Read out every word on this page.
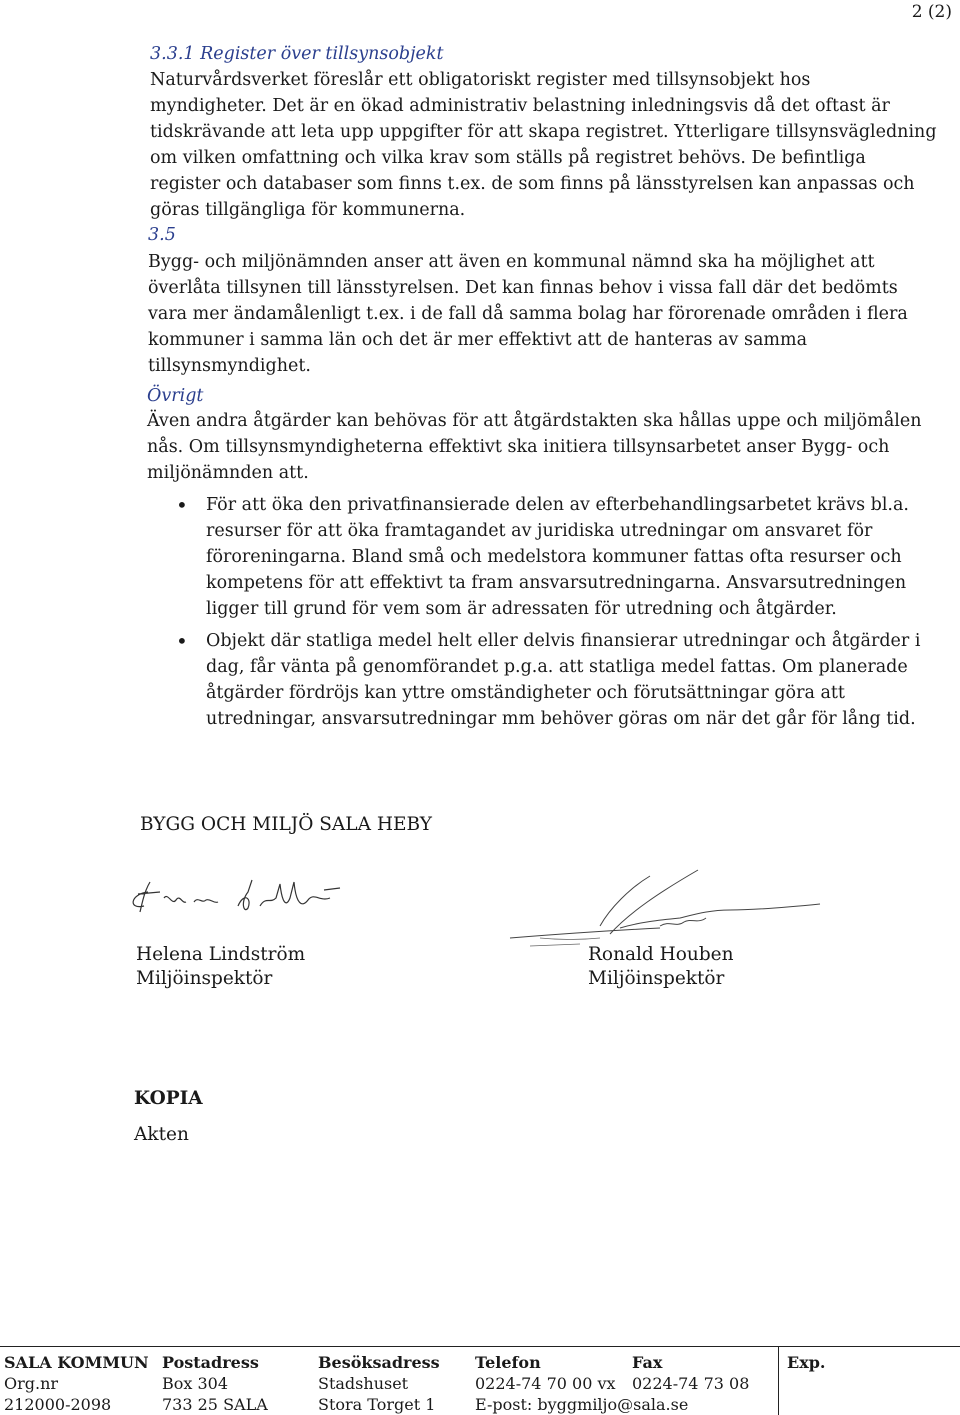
2 (2)
3.3.1 Register över tillsynsobjekt
Naturvårdsverket föreslår ett obligatoriskt register med tillsynsobjekt hos
myndigheter. Det är en ökad administrativ belastning inledningsvis då det oftast är
tidskrävande att leta upp uppgifter för att skapa registret. Ytterligare tillsynsvägledning
om vilken omfattning och vilka krav som ställs på registret behövs. De befintliga
register och databaser som finns t.ex. de som finns på länsstyrelsen kan anpassas och
göras tillgängliga för kommunerna.
3.5
Bygg- och miljönämnden anser att även en kommunal nämnd ska ha möjlighet att
överlåta tillsynen till länsstyrelsen. Det kan finnas behov i vissa fall där det bedömts
vara mer ändamålenligt t.ex. i de fall då samma bolag har förorenade områden i flera
kommuner i samma län och det är mer effektivt att de hanteras av samma
tillsynsmyndighet.
Övrigt
Även andra åtgärder kan behövas för att åtgärdstakten ska hållas uppe och miljömålen
nås. Om tillsynsmyndigheterna effektivt ska initiera tillsynsarbetet anser Bygg- och
miljönämnden att.
• För att öka den privatfinansierade delen av efterbehandlingsarbetet krävs bl.a.
resurser för att öka framtagandet av juridiska utredningar om ansvaret för
föroreningarna. Bland små och medelstora kommuner fattas ofta resurser och
kompetens för att effektivt ta fram ansvarsutredningarna. Ansvarsutredningen
ligger till grund för vem som är adressaten för utredning och åtgärder.
• Objekt där statliga medel helt eller delvis finansierar utredningar och åtgärder i
dag, får vänta på genomförandet p.g.a. att statliga medel fattas. Om planerade
åtgärder fördröjs kan yttre omständigheter och förutsättningar göra att
utredningar, ansvarsutredningar mm behöver göras om när det går för lång tid.
BYGG OCH MILJÖ SALA HEBY
Helena Lindström
Miljöinspektör
Ronald Houben
Miljöinspektör
KOPIA
Akten
SALA KOMMUN
Org.nr
212000-2098
Postadress
Box 304
733 25 SALA
Besöksadress
Stadshuset
Stora Torget 1
Telefon
0224-74 70 00 vx
E-post: byggmiljo@sala.se
Fax
0224-74 73 08
Exp.
